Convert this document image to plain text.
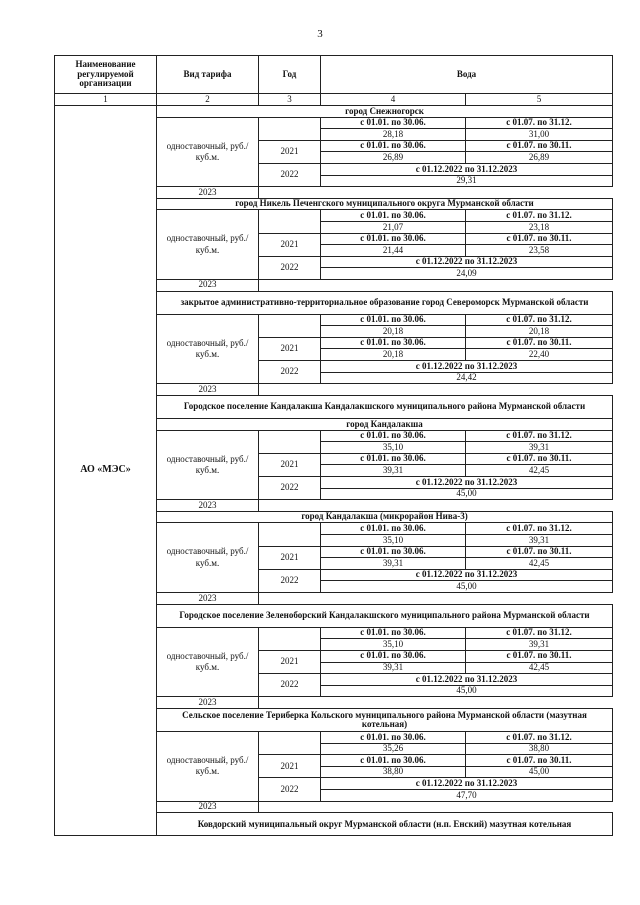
3
Наименование регулируемой организации	Вид тарифа	Год	Вода	
1	2	3	4	5
АО «МЭС»	город Снежногорск			
	одноставочный, руб./куб.м.		с 01.01. по 30.06.	с 01.07. по 31.12.
			28,18	31,00
		2021	с 01.01. по 30.06.	с 01.07. по 30.11.
			26,89	26,89
		2022	с 01.12.2022 по 31.12.2023	
			29,31	
	2023			
	город Никель Печенгского муниципального округа Мурманской области			
	одноставочный, руб./куб.м.		с 01.01. по 30.06.	с 01.07. по 31.12.
			21,07	23,18
		2021	с 01.01. по 30.06.	с 01.07. по 30.11.
			21,44	23,58
		2022	с 01.12.2022 по 31.12.2023	
			24,09	
	2023			
	закрытое административно-территориальное образование город Североморск Мурманской области			
	одноставочный, руб./куб.м.		с 01.01. по 30.06.	с 01.07. по 31.12.
			20,18	20,18
		2021	с 01.01. по 30.06.	с 01.07. по 30.11.
			20,18	22,40
		2022	с 01.12.2022 по 31.12.2023	
			24,42	
	2023			
	Городское поселение Кандалакша Кандалакшского муниципального района Мурманской области			
	город Кандалакша			
	одноставочный, руб./куб.м.		с 01.01. по 30.06.	с 01.07. по 31.12.
			35,10	39,31
		2021	с 01.01. по 30.06.	с 01.07. по 30.11.
			39,31	42,45
		2022	с 01.12.2022 по 31.12.2023	
			45,00	
	2023			
	город Кандалакша (микрорайон Нива-3)			
	одноставочный, руб./куб.м.		с 01.01. по 30.06.	с 01.07. по 31.12.
			35,10	39,31
		2021	с 01.01. по 30.06.	с 01.07. по 30.11.
			39,31	42,45
		2022	с 01.12.2022 по 31.12.2023	
			45,00	
	2023			
	Городское поселение Зеленоборский Кандалакшского муниципального района Мурманской области			
	одноставочный, руб./куб.м.		с 01.01. по 30.06.	с 01.07. по 31.12.
			35,10	39,31
		2021	с 01.01. по 30.06.	с 01.07. по 30.11.
			39,31	42,45
		2022	с 01.12.2022 по 31.12.2023	
			45,00	
	2023			
	Сельское поселение Териберка Кольского муниципального района Мурманской области (мазутная котельная)			
	одноставочный, руб./куб.м.		с 01.01. по 30.06.	с 01.07. по 31.12.
			35,26	38,80
		2021	с 01.01. по 30.06.	с 01.07. по 30.11.
			38,80	45,00
		2022	с 01.12.2022 по 31.12.2023	
			47,70	
	2023			
	Ковдорский муниципальный округ Мурманской области (н.п. Енский) мазутная котельная			
